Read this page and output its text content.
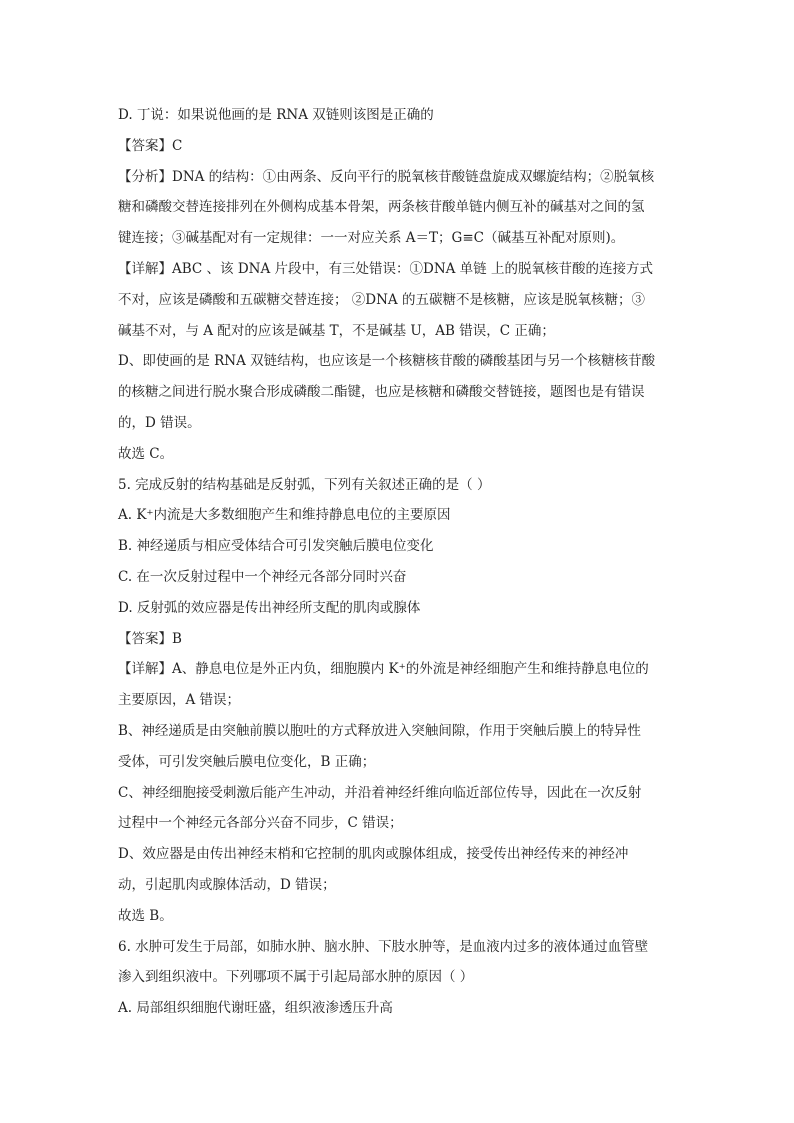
D. 丁说：如果说他画的是 RNA 双链则该图是正确的
【答案】C
【分析】DNA 的结构：①由两条、反向平行的脱氧核苷酸链盘旋成双螺旋结构；②脱氧核
糖和磷酸交替连接排列在外侧构成基本骨架，两条核苷酸单链内侧互补的碱基对之间的氢
键连接；③碱基配对有一定规律：一一对应关系 A＝T；G≡C（碱基互补配对原则)。
【详解】ABC 、该 DNA 片段中，有三处错误：①DNA 单链 上的脱氧核苷酸的连接方式
不对，应该是磷酸和五碳糖交替连接； ②DNA 的五碳糖不是核糖，应该是脱氧核糖；③
碱基不对，与 A 配对的应该是碱基 T，不是碱基 U，AB 错误，C 正确；
D、即使画的是 RNA 双链结构，也应该是一个核糖核苷酸的磷酸基团与另一个核糖核苷酸
的核糖之间进行脱水聚合形成磷酸二酯键，也应是核糖和磷酸交替链接，题图也是有错误
的，D 错误。
故选 C。
5. 完成反射的结构基础是反射弧，下列有关叙述正确的是（ ）
A. K⁺内流是大多数细胞产生和维持静息电位的主要原因
B. 神经递质与相应受体结合可引发突触后膜电位变化
C. 在一次反射过程中一个神经元各部分同时兴奋
D. 反射弧的效应器是传出神经所支配的肌肉或腺体
【答案】B
【详解】A、静息电位是外正内负，细胞膜内 K⁺的外流是神经细胞产生和维持静息电位的
主要原因，A 错误；
B、神经递质是由突触前膜以胞吐的方式释放进入突触间隙，作用于突触后膜上的特异性
受体，可引发突触后膜电位变化，B 正确；
C、神经细胞接受刺激后能产生冲动，并沿着神经纤维向临近部位传导，因此在一次反射
过程中一个神经元各部分兴奋不同步，C 错误；
D、效应器是由传出神经末梢和它控制的肌肉或腺体组成，接受传出神经传来的神经冲
动，引起肌肉或腺体活动，D 错误；
故选 B。
6. 水肿可发生于局部，如肺水肿、脑水肿、下肢水肿等，是血液内过多的液体通过血管壁
渗入到组织液中。下列哪项不属于引起局部水肿的原因（ ）
A. 局部组织细胞代谢旺盛，组织液渗透压升高
